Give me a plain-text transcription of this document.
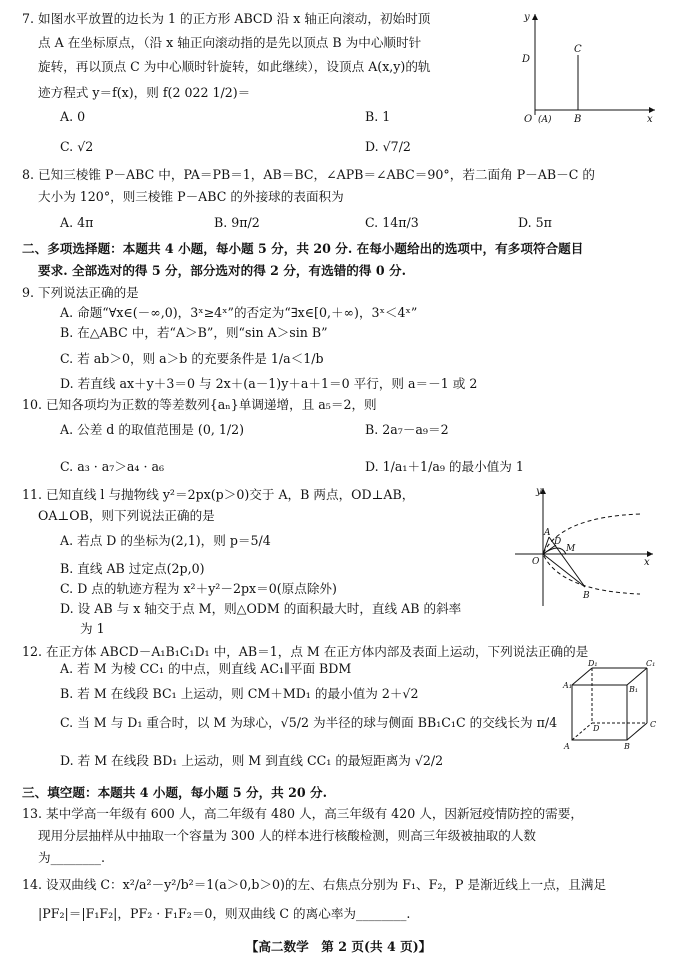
7. 如图水平放置的边长为 1 的正方形 ABCD 沿 x 轴正向滚动，初始时顶
点 A 在坐标原点，（沿 x 轴正向滚动指的是先以顶点 B 为中心顺时针
旋转，再以顶点 C 为中心顺时针旋转，如此继续），设顶点 A(x,y)的轨
迹方程式 y＝f(x)，则 f(2 022 1/2)＝
A. 0	B. 1
C. √2	D. √7/2
y
D
C
O (A) B	x
8. 已知三棱锥 P－ABC 中，PA＝PB＝1，AB＝BC，∠APB＝∠ABC＝90°，若二面角 P－AB－C 的
大小为 120°，则三棱锥 P－ABC 的外接球的表面积为
A. 4π	B. 9π/2	C. 14π/3	D. 5π
二、多项选择题：本题共 4 小题，每小题 5 分，共 20 分. 在每小题给出的选项中，有多项符合题目
要求. 全部选对的得 5 分，部分选对的得 2 分，有选错的得 0 分.
9. 下列说法正确的是
A. 命题“∀x∈(－∞,0)，3ˣ≥4ˣ”的否定为“∃x∈[0,＋∞)，3ˣ＜4ˣ”
B. 在△ABC 中，若“A＞B”，则“sin A＞sin B”
C. 若 ab＞0，则 a＞b 的充要条件是 1/a＜1/b
D. 若直线 ax＋y＋3＝0 与 2x＋(a－1)y＋a＋1＝0 平行，则 a＝－1 或 2
10. 已知各项均为正数的等差数列{aₙ}单调递增，且 a₅＝2，则
A. 公差 d 的取值范围是 (0, 1/2)	B. 2a₇－a₉＝2
C. a₃ · a₇＞a₄ · a₆	D. 1/a₁＋1/a₉ 的最小值为 1
11. 已知直线 l 与抛物线 y²＝2px(p＞0)交于 A，B 两点，OD⊥AB，
OA⊥OB，则下列说法正确的是
A. 若点 D 的坐标为(2,1)，则 p＝5/4
B. 直线 AB 过定点(2p,0)
C. D 点的轨迹方程为 x²＋y²－2px＝0(原点除外)
D. 设 AB 与 x 轴交于点 M，则△ODM 的面积最大时，直线 AB 的斜率
为 1
y
A
D
M
O
B
x
12. 在正方体 ABCD－A₁B₁C₁D₁ 中，AB＝1，点 M 在正方体内部及表面上运动，下列说法正确的是
A. 若 M 为棱 CC₁ 的中点，则直线 AC₁∥平面 BDM
B. 若 M 在线段 BC₁ 上运动，则 CM＋MD₁ 的最小值为 2＋√2
C. 当 M 与 D₁ 重合时，以 M 为球心，√5/2 为半径的球与侧面 BB₁C₁C 的交线长为 π/4
D. 若 M 在线段 BD₁ 上运动，则 M 到直线 CC₁ 的最短距离为 √2/2
D₁	C₁
A₁	B₁
A
D	C
B
三、填空题：本题共 4 小题，每小题 5 分，共 20 分.
13. 某中学高一年级有 600 人，高二年级有 480 人，高三年级有 420 人，因新冠疫情防控的需要，
现用分层抽样从中抽取一个容量为 300 人的样本进行核酸检测，则高三年级被抽取的人数
为________.
14. 设双曲线 C：x²/a²－y²/b²＝1(a＞0,b＞0)的左、右焦点分别为 F₁、F₂，P 是渐近线上一点，且满足
|PF₂|＝|F₁F₂|，PF₂ · F₁F₂＝0，则双曲线 C 的离心率为________.
【高二数学　第 2 页(共 4 页)】
